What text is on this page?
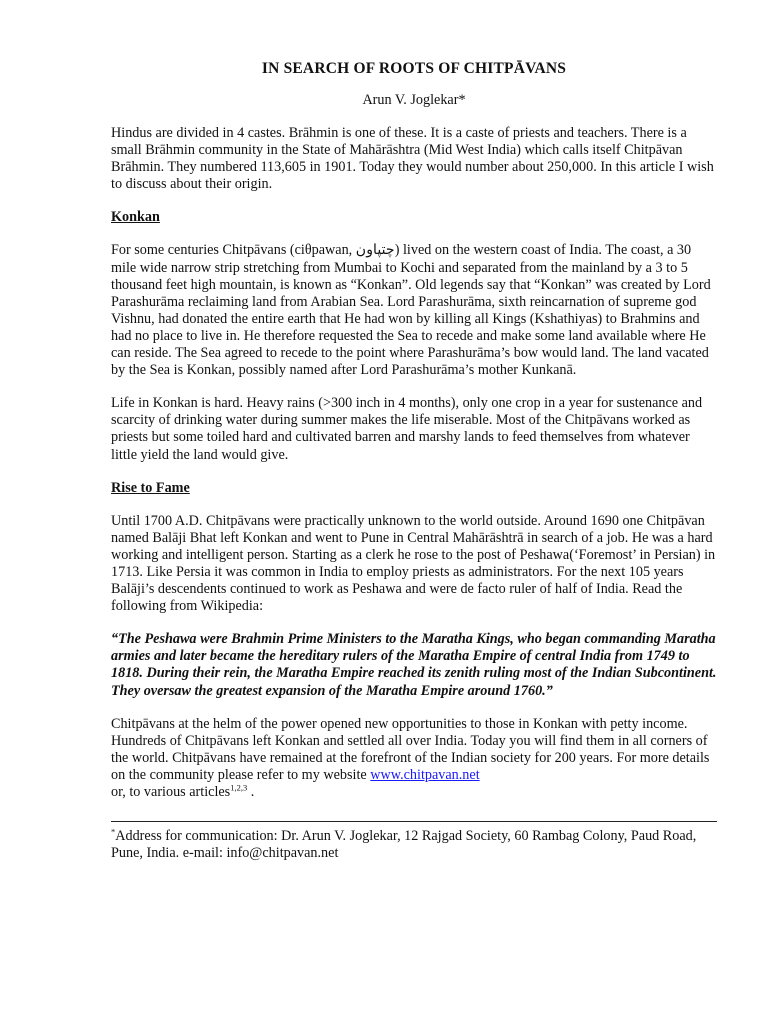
IN SEARCH OF ROOTS OF CHITPĀVANS
Arun V. Joglekar*

Hindus are divided in 4 castes. Brāhmin is one of these. It is a caste of priests and teachers. There is a small Brāhmin community in the State of Mahārāshtra (Mid West India) which calls itself Chitpāvan Brāhmin. They numbered 113,605 in 1901. Today they would number about 250,000. In this article I wish to discuss about their origin.

Konkan

For some centuries Chitpāvans (ciθpawan, چتپاون) lived on the western coast of India. The coast, a 30 mile wide narrow strip stretching from Mumbai to Kochi and separated from the mainland by a 3 to 5 thousand feet high mountain, is known as “Konkan”. Old legends say that “Konkan” was created by Lord Parashurāma reclaiming land from Arabian Sea. Lord Parashurāma, sixth reincarnation of supreme god Vishnu, had donated the entire earth that He had won by killing all Kings (Kshathiyas) to Brahmins and had no place to live in. He therefore requested the Sea to recede and make some land available where He can reside. The Sea agreed to recede to the point where Parashurāma’s bow would land. The land vacated by the Sea is Konkan, possibly named after Lord Parashurāma’s mother Kunkanā.

Life in Konkan is hard. Heavy rains (>300 inch in 4 months), only one crop in a year for sustenance and scarcity of drinking water during summer makes the life miserable. Most of the Chitpāvans worked as priests but some toiled hard and cultivated barren and marshy lands to feed themselves from whatever little yield the land would give.

Rise to Fame

Until 1700 A.D. Chitpāvans were practically unknown to the world outside. Around 1690 one Chitpāvan named Balāji Bhat left Konkan and went to Pune in Central Mahārāshtrā in search of a job. He was a hard working and intelligent person. Starting as a clerk he rose to the post of Peshawa(‘Foremost’ in Persian) in 1713. Like Persia it was common in India to employ priests as administrators. For the next 105 years Balāji’s descendents continued to work as Peshawa and were de facto ruler of half of India. Read the following from Wikipedia:

“The Peshawa were Brahmin Prime Ministers to the Maratha Kings, who began commanding Maratha armies and later became the hereditary rulers of the Maratha Empire of central India from 1749 to 1818. During their rein, the Maratha Empire reached its zenith ruling most of the Indian Subcontinent. They oversaw the greatest expansion of the Maratha Empire around 1760.”

Chitpāvans at the helm of the power opened new opportunities to those in Konkan with petty income. Hundreds of Chitpāvans left Konkan and settled all over India. Today you will find them in all corners of the world. Chitpāvans have remained at the forefront of the Indian society for 200 years. For more details on the community please refer to my website www.chitpavan.net
or, to various articles$^{1,2,3}$ .

*Address for communication: Dr. Arun V. Joglekar, 12 Rajgad Society, 60 Rambag Colony, Paud Road, Pune, India. e-mail: info@chitpavan.net
